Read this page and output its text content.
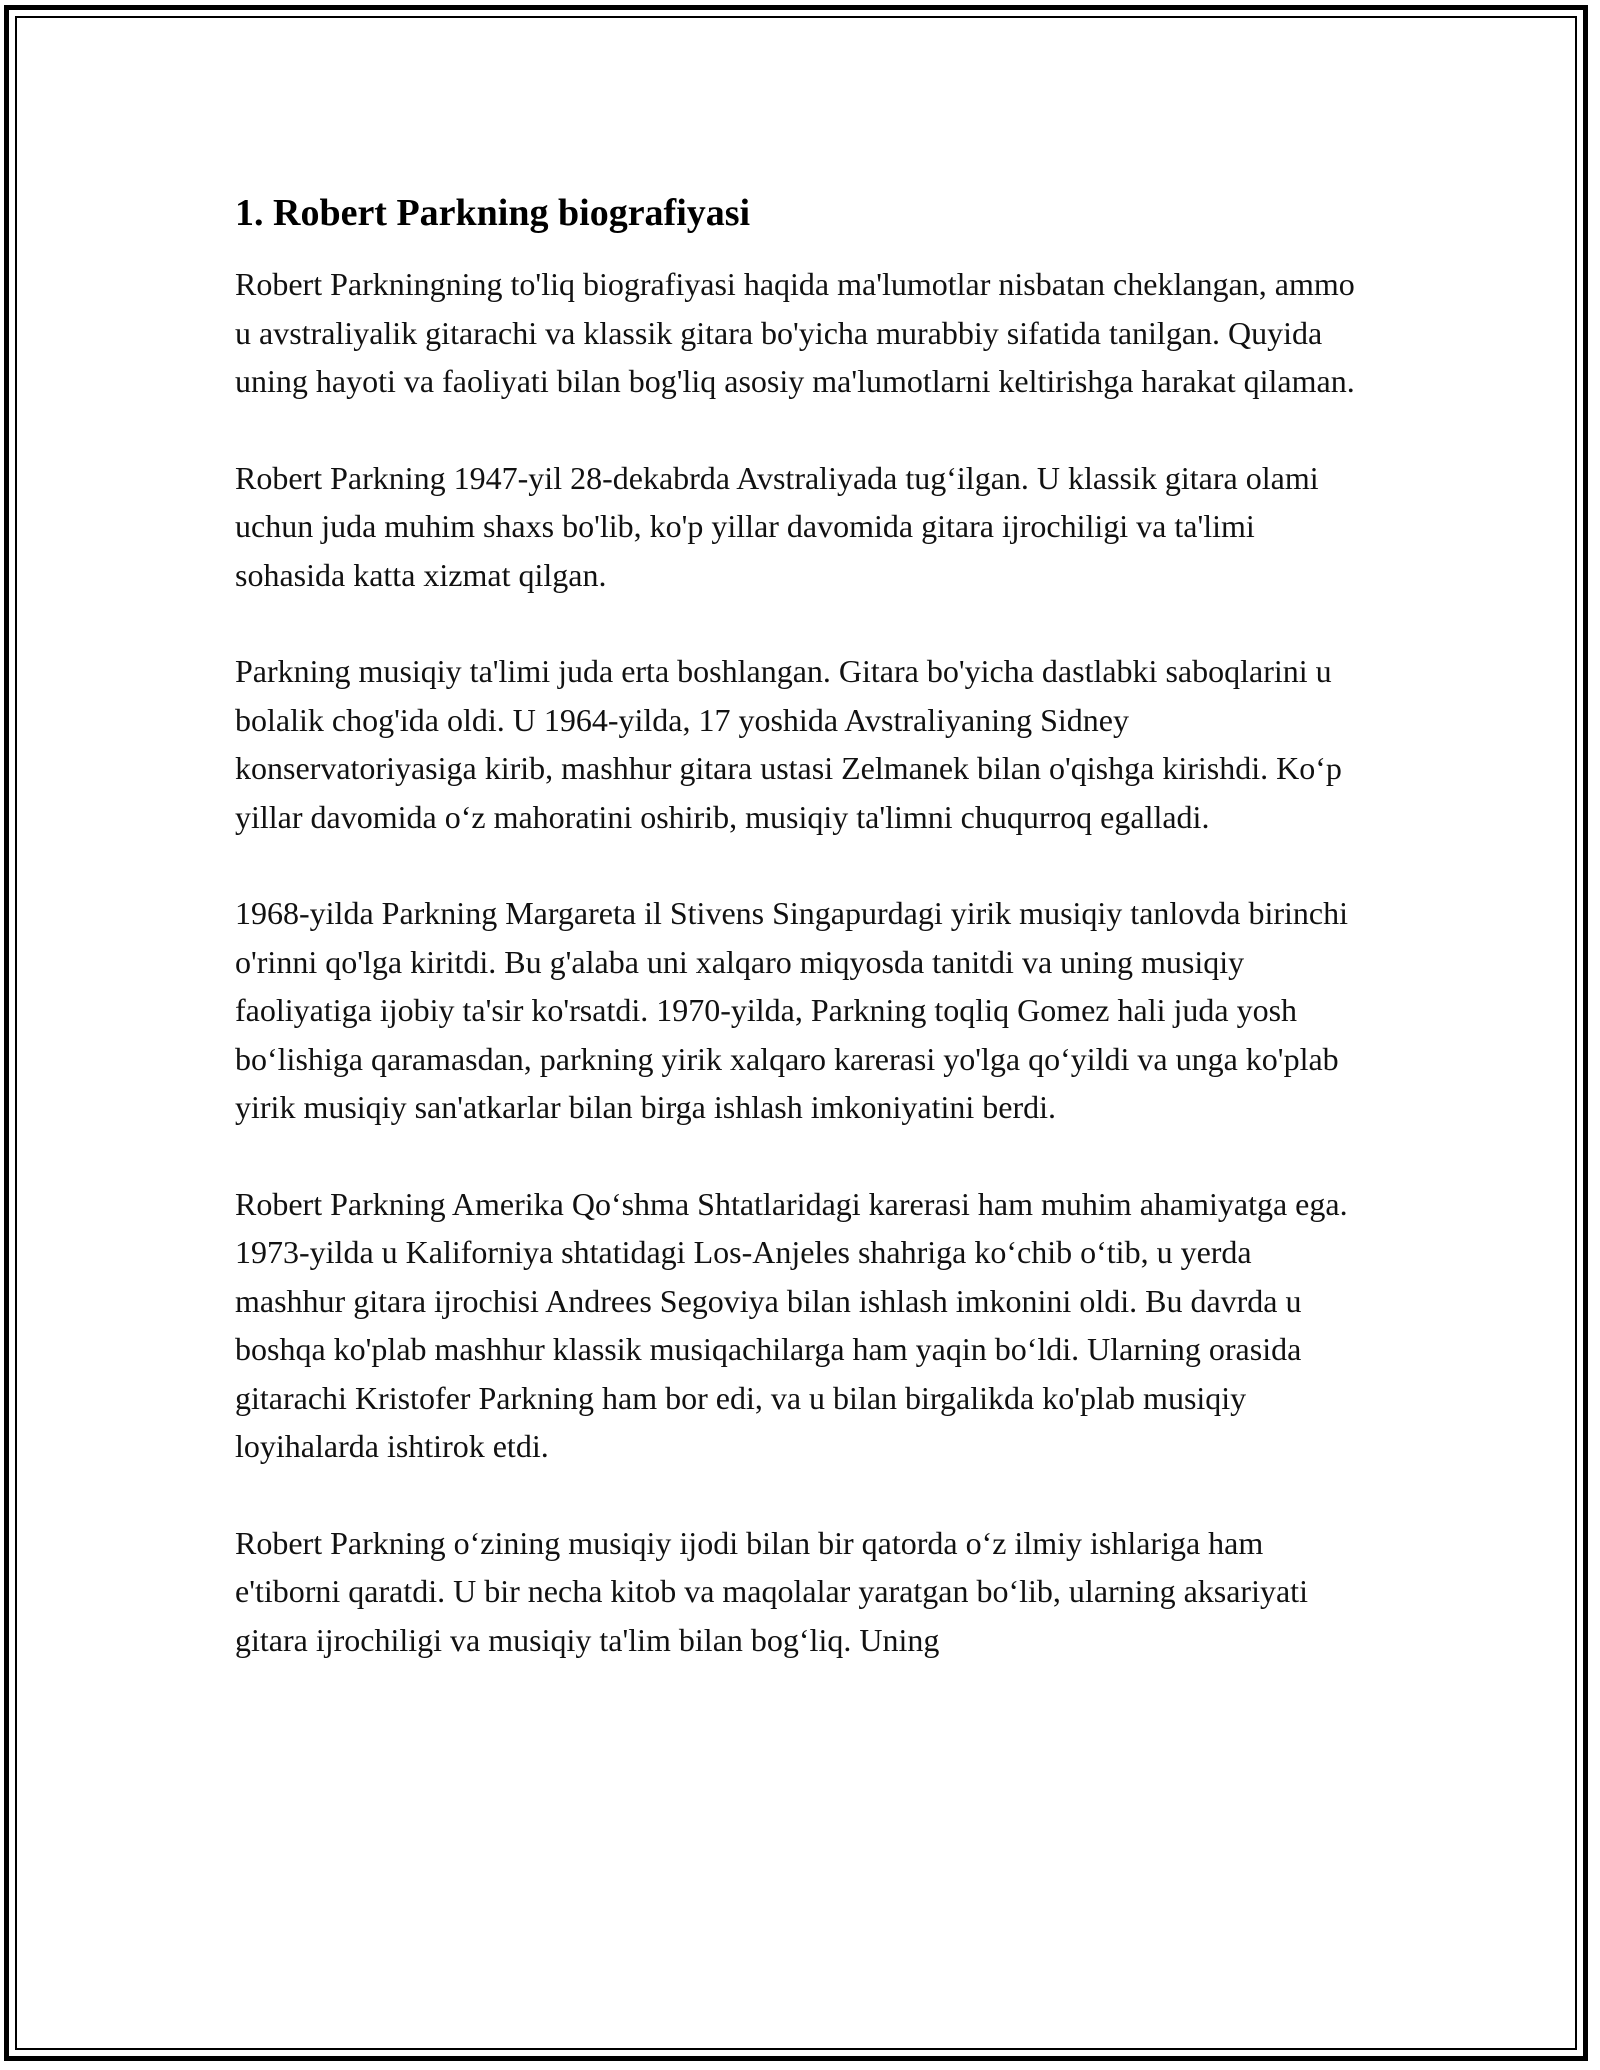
1. Robert Parkning biografiyasi

Robert Parkningning to'liq biografiyasi haqida ma'lumotlar nisbatan cheklangan, ammo u avstraliyalik gitarachi va klassik gitara bo'yicha murabbiy sifatida tanilgan. Quyida uning hayoti va faoliyati bilan bog'liq asosiy ma'lumotlarni keltirishga harakat qilaman.

Robert Parkning 1947-yil 28-dekabrda Avstraliyada tug‘ilgan. U klassik gitara olami uchun juda muhim shaxs bo'lib, ko'p yillar davomida gitara ijrochiligi va ta'limi sohasida katta xizmat qilgan.

Parkning musiqiy ta'limi juda erta boshlangan. Gitara bo'yicha dastlabki saboqlarini u bolalik chog'ida oldi. U 1964-yilda, 17 yoshida Avstraliyaning Sidney konservatoriyasiga kirib, mashhur gitara ustasi Zelmanek bilan o'qishga kirishdi. Ko‘p yillar davomida o‘z mahoratini oshirib, musiqiy ta'limni chuqurroq egalladi.

1968-yilda Parkning Margareta il Stivens Singapurdagi yirik musiqiy tanlovda birinchi o'rinni qo'lga kiritdi. Bu g'alaba uni xalqaro miqyosda tanitdi va uning musiqiy faoliyatiga ijobiy ta'sir ko'rsatdi. 1970-yilda, Parkning toqliq Gomez hali juda yosh bo‘lishiga qaramasdan, parkning yirik xalqaro karerasi yo'lga qo‘yildi va unga ko'plab yirik musiqiy san'atkarlar bilan birga ishlash imkoniyatini berdi.

Robert Parkning Amerika Qo‘shma Shtatlaridagi karerasi ham muhim ahamiyatga ega. 1973-yilda u Kaliforniya shtatidagi Los-Anjeles shahriga ko‘chib o‘tib, u yerda mashhur gitara ijrochisi Andrees Segoviya bilan ishlash imkonini oldi. Bu davrda u boshqa ko'plab mashhur klassik musiqachilarga ham yaqin bo‘ldi. Ularning orasida gitarachi Kristofer Parkning ham bor edi, va u bilan birgalikda ko'plab musiqiy loyihalarda ishtirok etdi.

Robert Parkning o‘zining musiqiy ijodi bilan bir qatorda o‘z ilmiy ishlariga ham e'tiborni qaratdi. U bir necha kitob va maqolalar yaratgan bo‘lib, ularning aksariyati gitara ijrochiligi va musiqiy ta'lim bilan bog‘liq. Uning
